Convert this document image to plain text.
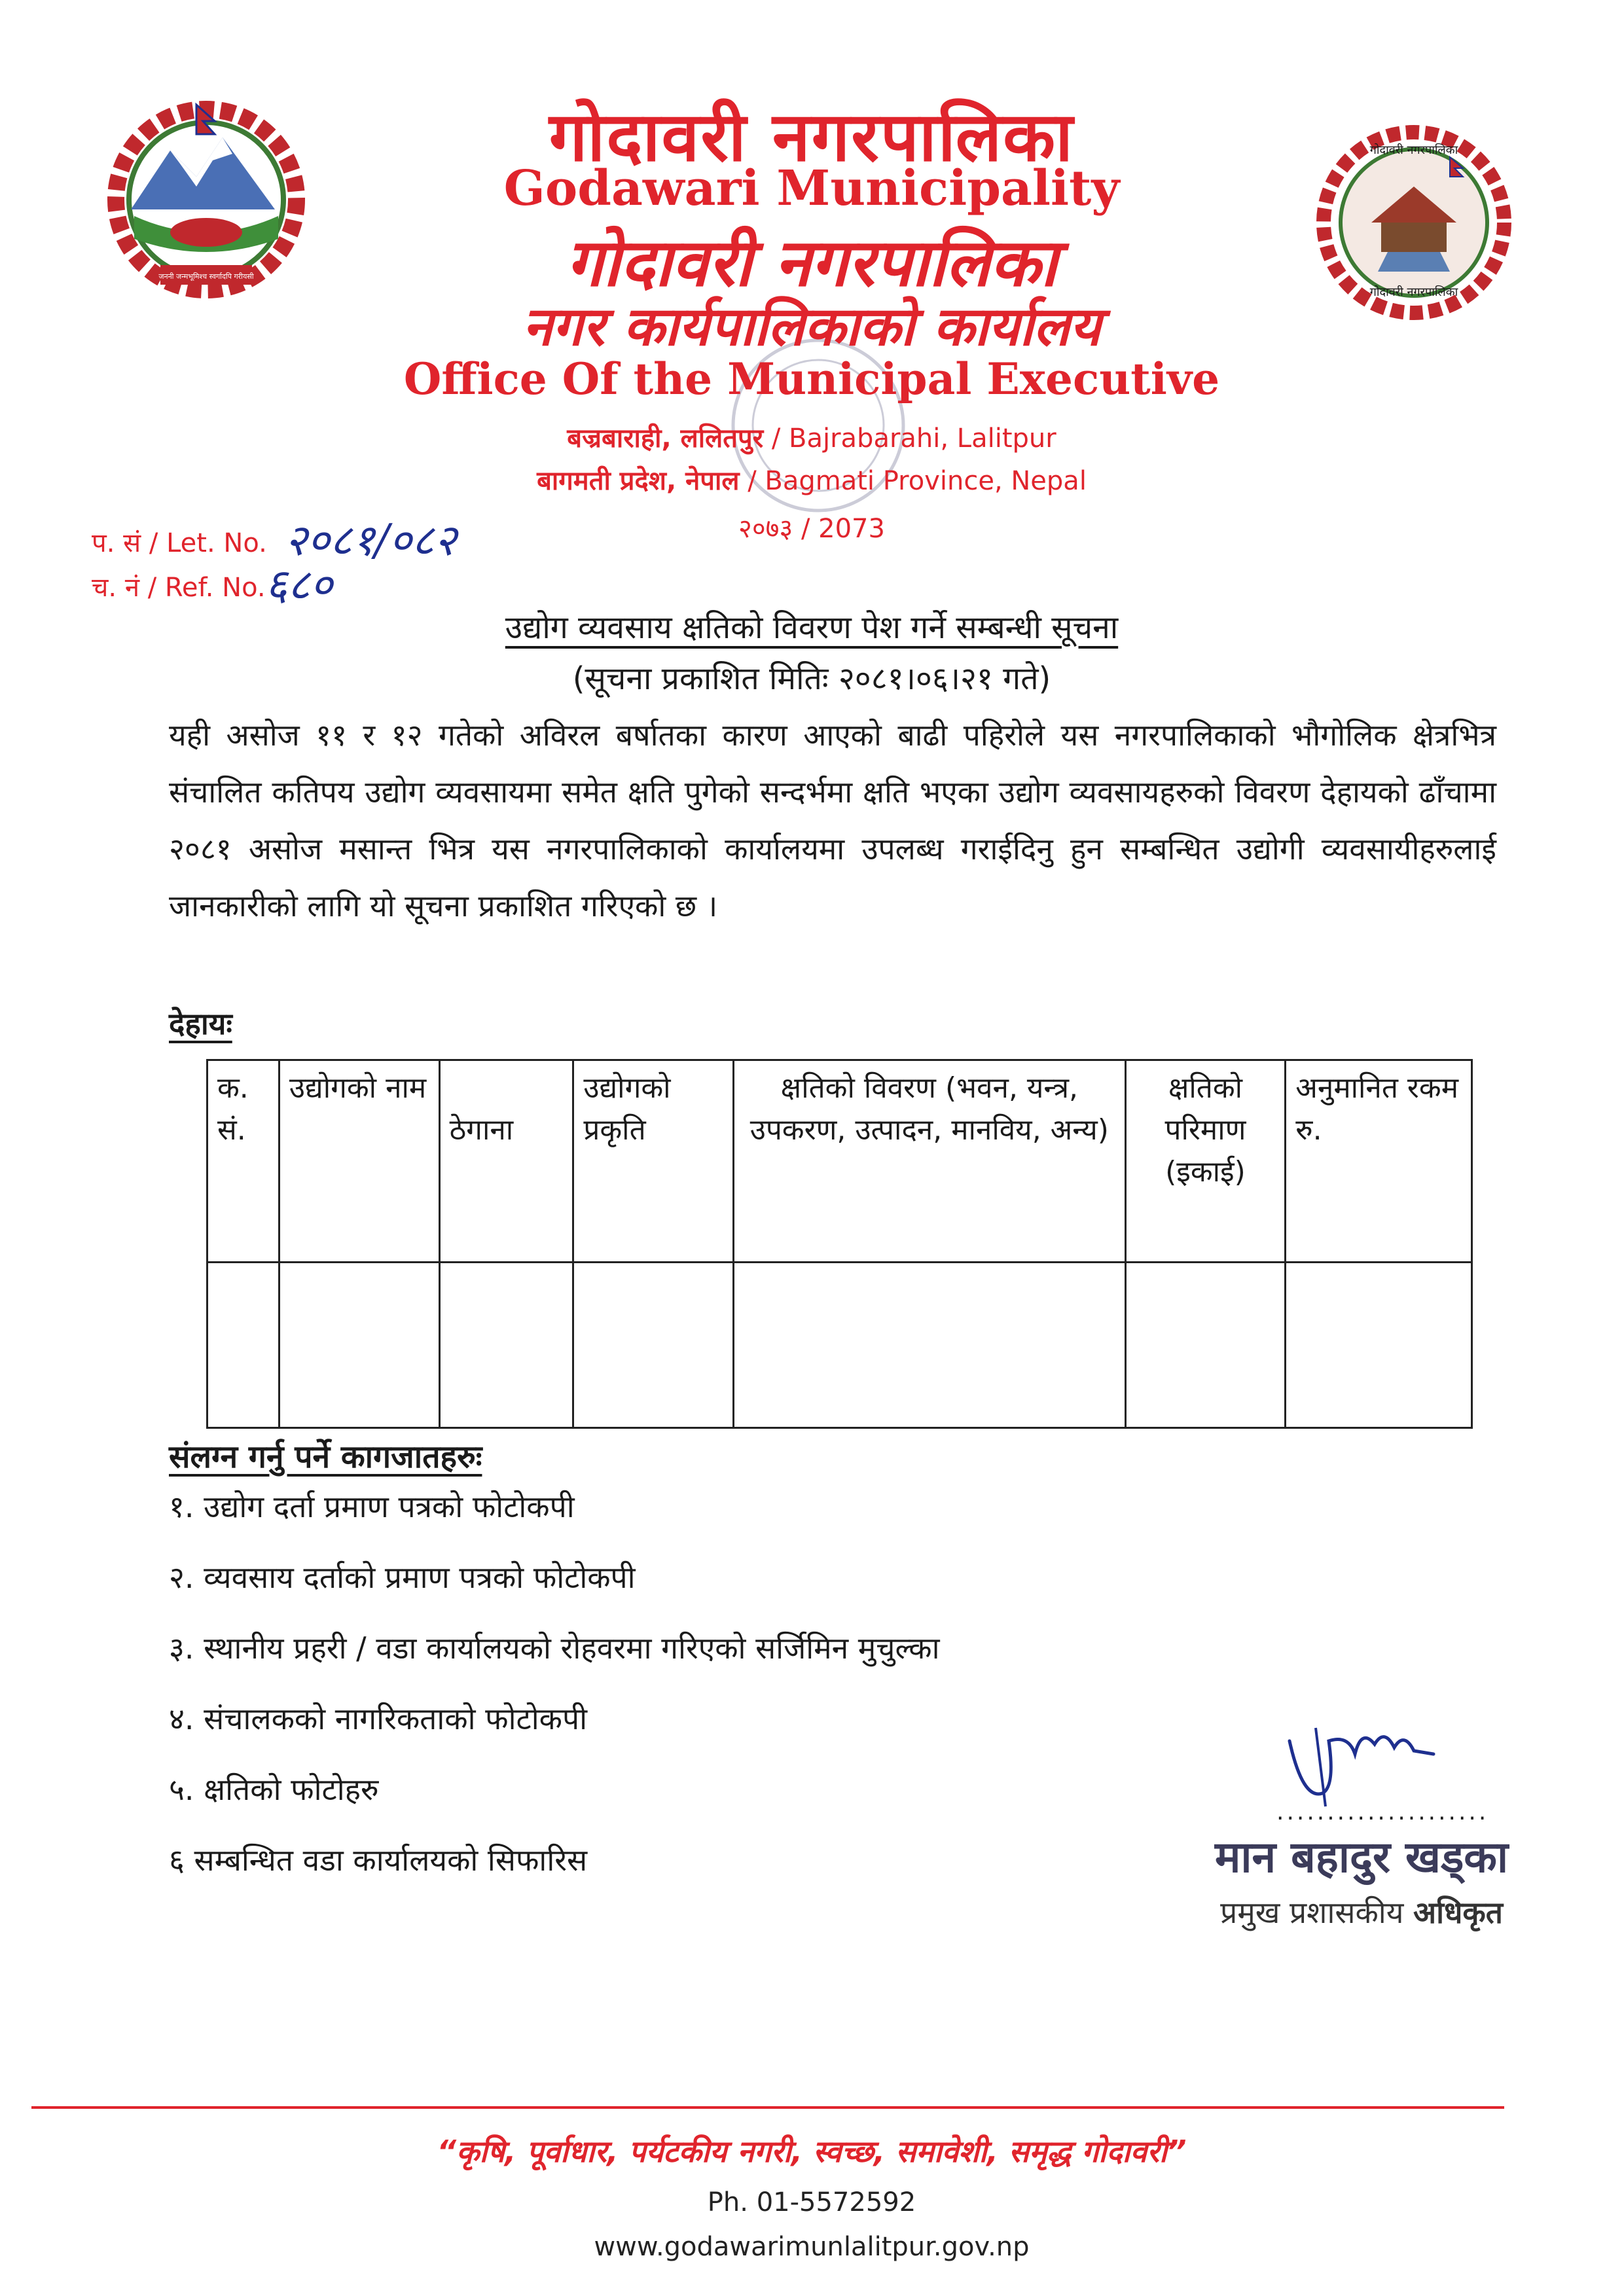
जननी जन्मभूमिश्च स्वर्गादपि गरीयसी
गोदावरी नगरपालिका
गोदावरी नगरपालिका
गोदावरी नगरपालिका
Godawari Municipality
गोदावरी नगरपालिका
नगर कार्यपालिकाको कार्यालय
Office Of the Municipal Executive
बज्रबाराही, ललितपुर / Bajrabarahi, Lalitpur
बागमती प्रदेश, नेपाल / Bagmati Province, Nepal
२०७३ / 2073
प. सं / Let. No. २०८१/०८२
च. नं / Ref. No. ६८०
उद्योग व्यवसाय क्षतिको विवरण पेश गर्ने सम्बन्धी सूचना
(सूचना प्रकाशित मितिः २०८१।०६।२१ गते)
यही असोज ११ र १२ गतेको अविरल बर्षातका कारण आएको बाढी पहिरोले यस नगरपालिकाको भौगोलिक क्षेत्रभित्र संचालित कतिपय उद्योग व्यवसायमा समेत क्षति पुगेको सन्दर्भमा क्षति भएका उद्योग व्यवसायहरुको विवरण देहायको ढाँचामा २०८१ असोज मसान्त भित्र यस नगरपालिकाको कार्यालयमा उपलब्ध गराईदिनु हुन सम्बन्धित उद्योगी व्यवसायीहरुलाई जानकारीको लागि यो सूचना प्रकाशित गरिएको छ ।
देहायः
क. सं.	उद्योगको नाम	ठेगाना	उद्योगको प्रकृति	क्षतिको विवरण (भवन, यन्त्र, उपकरण, उत्पादन, मानविय, अन्य)	क्षतिको परिमाण (इकाई)	अनुमानित रकम रु.

संलग्न गर्नु पर्ने कागजातहरुः
१. उद्योग दर्ता प्रमाण पत्रको फोटोकपी
२. व्यवसाय दर्ताको प्रमाण पत्रको फोटोकपी
३. स्थानीय प्रहरी / वडा कार्यालयको रोहवरमा गरिएको सर्जिमिन मुचुल्का
४. संचालकको नागरिकताको फोटोकपी
५. क्षतिको फोटोहरु
६ सम्बन्धित वडा कार्यालयको सिफारिस
.....................
मान बहादुर खड्का
प्रमुख प्रशासकीय अधिकृत
“कृषि, पूर्वाधार, पर्यटकीय नगरी, स्वच्छ, समावेशी, समृद्ध गोदावरी”
Ph. 01-5572592
www.godawarimunlalitpur.gov.np
